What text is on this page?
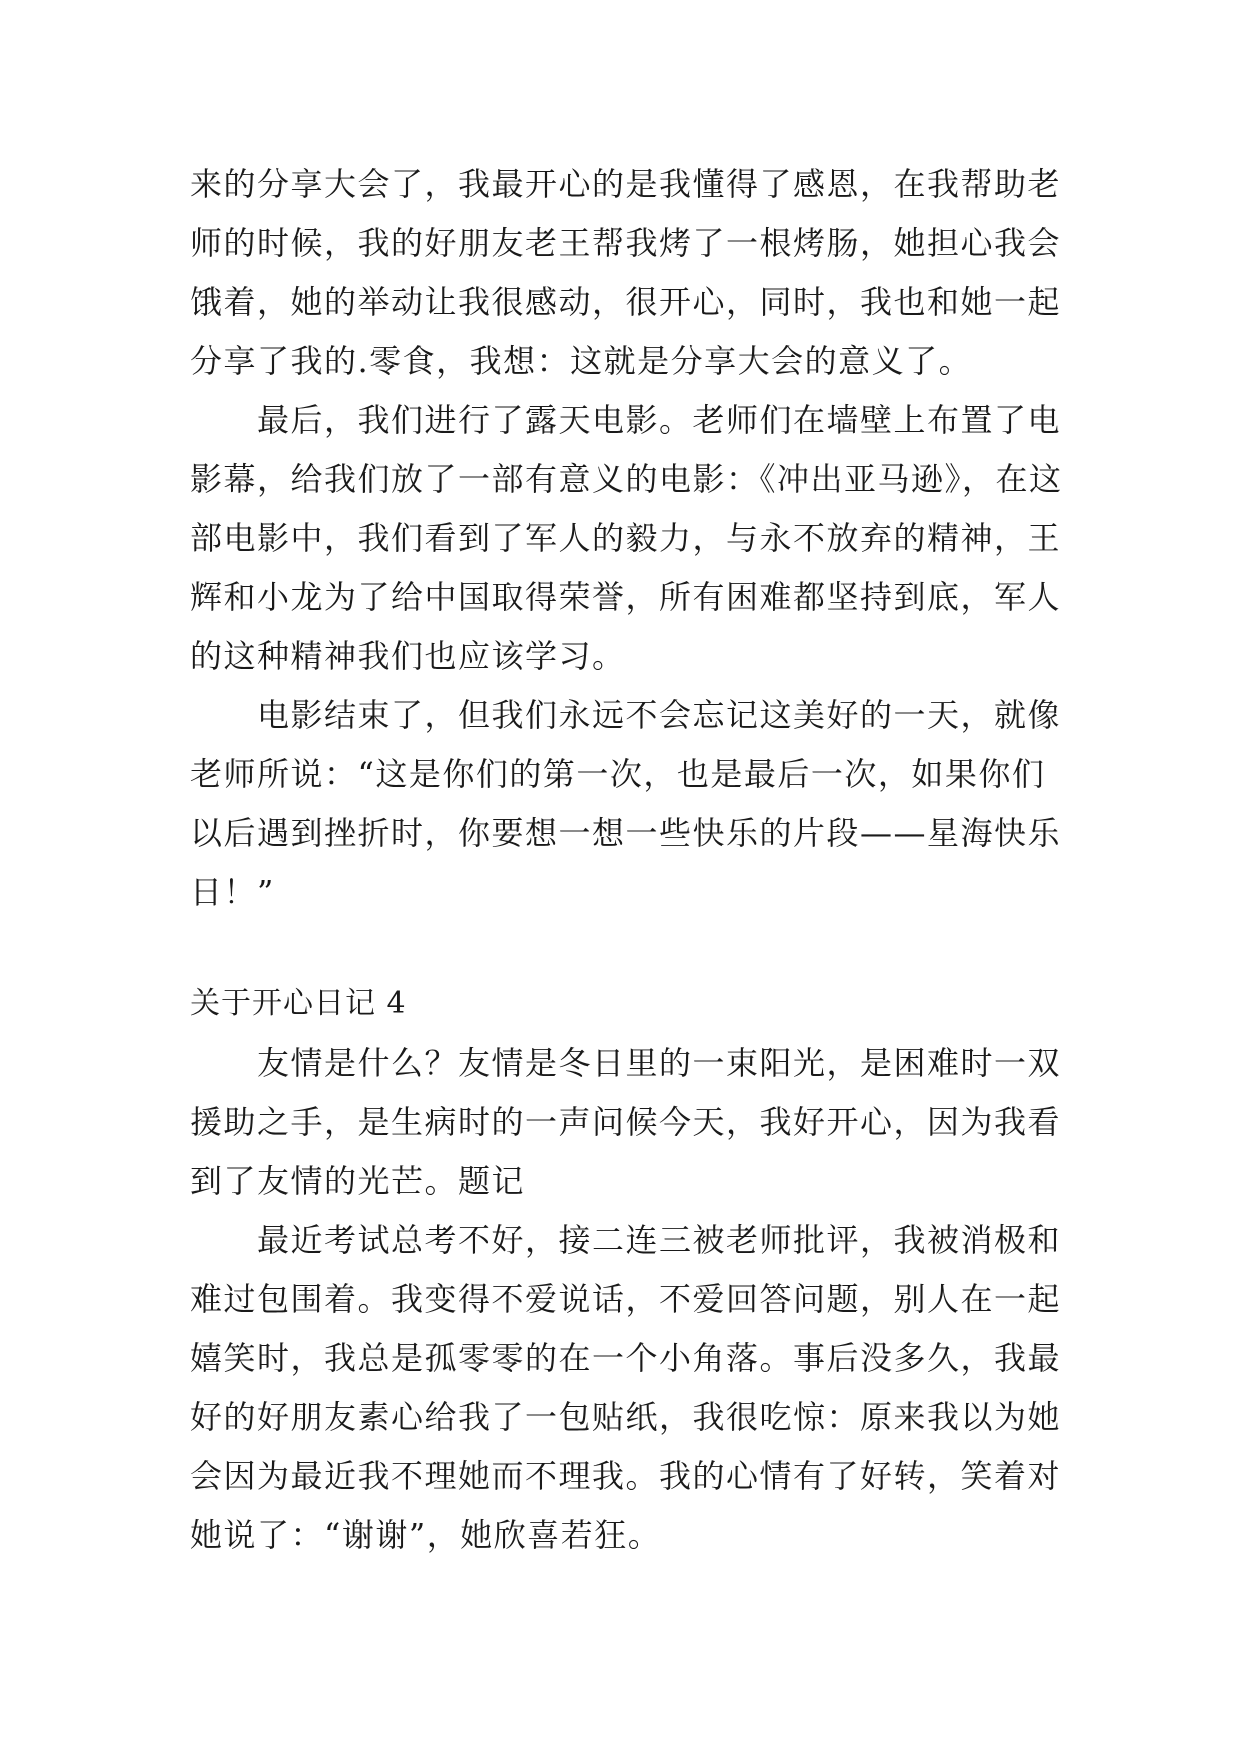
来的分享大会了，我最开心的是我懂得了感恩，在我帮助老
师的时候，我的好朋友老王帮我烤了一根烤肠，她担心我会
饿着，她的举动让我很感动，很开心，同时，我也和她一起
分享了我的.零食，我想：这就是分享大会的意义了。
最后，我们进行了露天电影。老师们在墙壁上布置了电
影幕，给我们放了一部有意义的电影：《冲出亚马逊》，在这
部电影中，我们看到了军人的毅力，与永不放弃的精神，王
辉和小龙为了给中国取得荣誉，所有困难都坚持到底，军人
的这种精神我们也应该学习。
电影结束了，但我们永远不会忘记这美好的一天，就像
老师所说：“这是你们的第一次，也是最后一次，如果你们
以后遇到挫折时，你要想一想一些快乐的片段——星海快乐
日！”
关于开心日记 4
友情是什么？友情是冬日里的一束阳光，是困难时一双
援助之手，是生病时的一声问候今天，我好开心，因为我看
到了友情的光芒。题记
最近考试总考不好，接二连三被老师批评，我被消极和
难过包围着。我变得不爱说话，不爱回答问题，别人在一起
嬉笑时，我总是孤零零的在一个小角落。事后没多久，我最
好的好朋友素心给我了一包贴纸，我很吃惊：原来我以为她
会因为最近我不理她而不理我。我的心情有了好转，笑着对
她说了：“谢谢”，她欣喜若狂。
